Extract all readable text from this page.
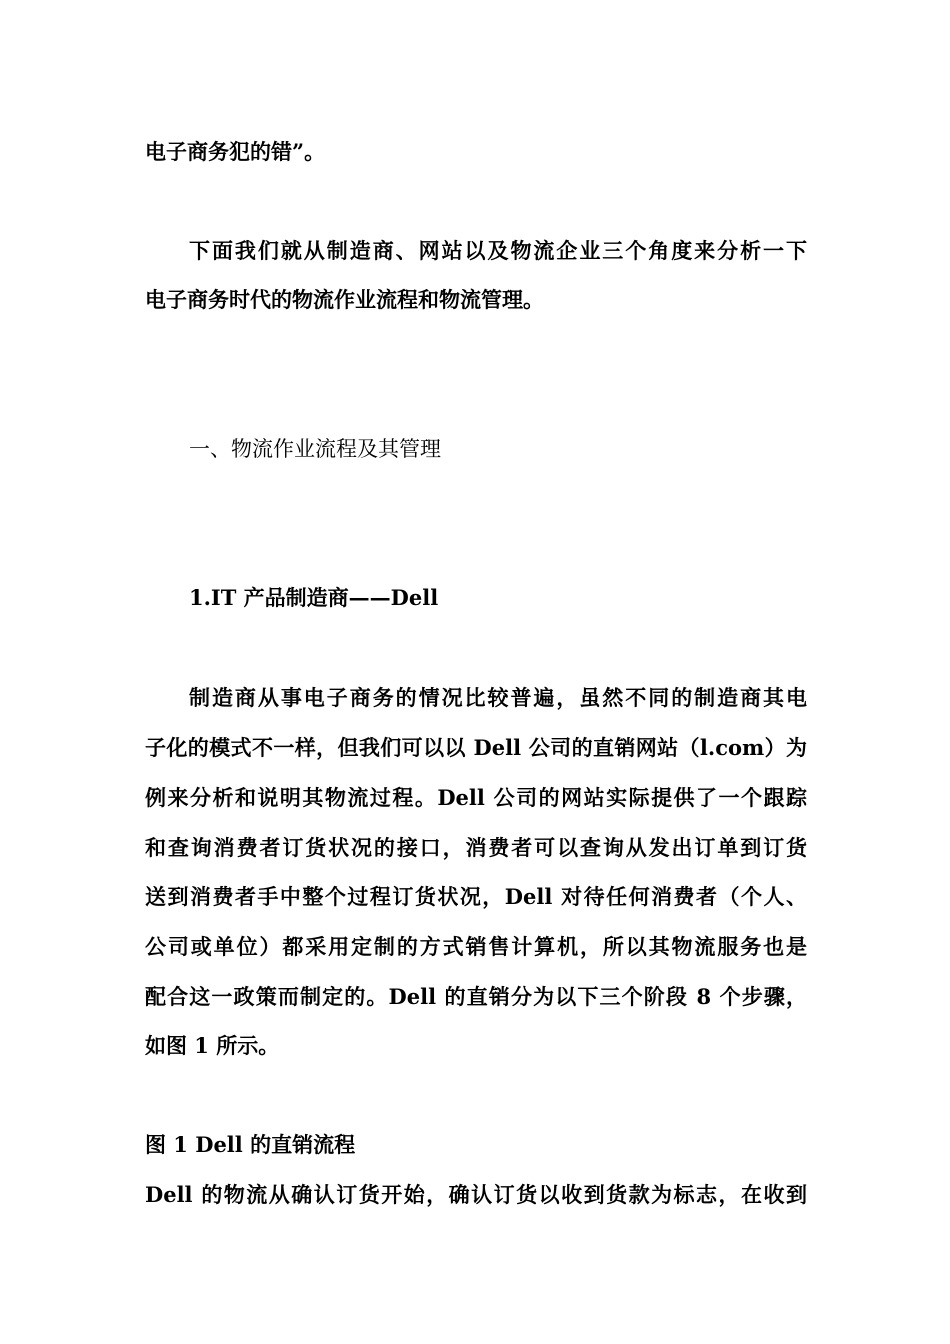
电子商务犯的错”。
下面我们就从制造商、网站以及物流企业三个角度来分析一下
电子商务时代的物流作业流程和物流管理。
一、物流作业流程及其管理
1.IT 产品制造商——Dell
制造商从事电子商务的情况比较普遍，虽然不同的制造商其电
子化的模式不一样，但我们可以以 Dell 公司的直销网站（l.com）为
例来分析和说明其物流过程。Dell 公司的网站实际提供了一个跟踪
和查询消费者订货状况的接口，消费者可以查询从发出订单到订货
送到消费者手中整个过程订货状况，Dell 对待任何消费者（个人、
公司或单位）都采用定制的方式销售计算机，所以其物流服务也是
配合这一政策而制定的。Dell 的直销分为以下三个阶段 8 个步骤，
如图 1 所示。
图 1 Dell 的直销流程
Dell 的物流从确认订货开始，确认订货以收到货款为标志，在收到
